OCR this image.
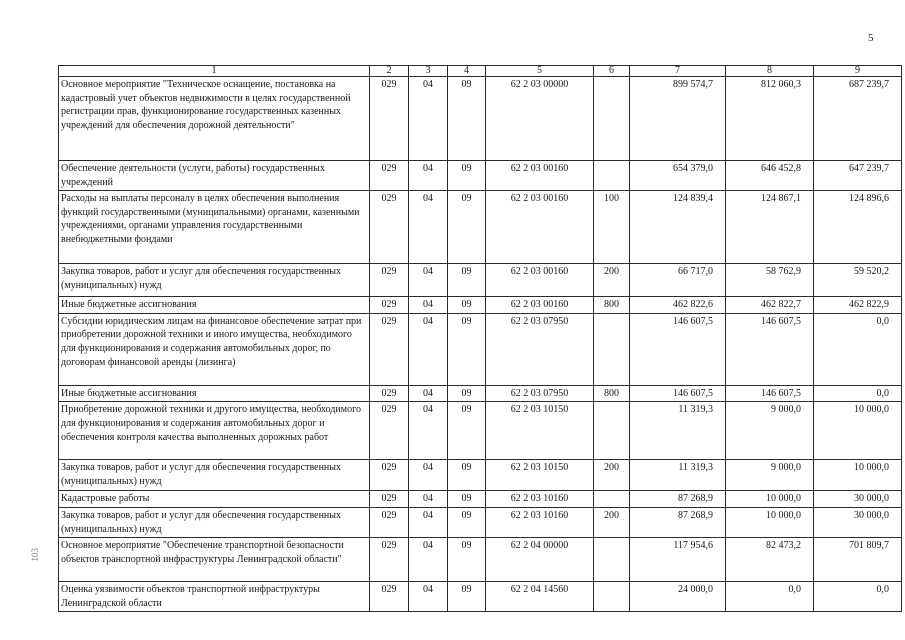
5
1	2	3	4	5	6	7	8	9
Основное мероприятие "Техническое оснащение, постановка на кадастровый учет объектов недвижимости в целях государственной регистрации прав, функционирование государственных казенных учреждений для обеспечения дорожной деятельности"	029	04	09	62 2 03 00000		899 574,7	812 060,3	687 239,7
Обеспечение деятельности (услуги, работы) государственных учреждений	029	04	09	62 2 03 00160		654 379,0	646 452,8	647 239,7
Расходы на выплаты персоналу в целях обеспечения выполнения функций государственными (муниципальными) органами, казенными учреждениями, органами управления государственными внебюджетными фондами	029	04	09	62 2 03 00160	100	124 839,4	124 867,1	124 896,6
Закупка товаров, работ и услуг для обеспечения государственных (муниципальных) нужд	029	04	09	62 2 03 00160	200	66 717,0	58 762,9	59 520,2
Иные бюджетные ассигнования	029	04	09	62 2 03 00160	800	462 822,6	462 822,7	462 822,9
Субсидии юридическим лицам на финансовое обеспечение затрат при приобретении дорожной техники и иного имущества, необходимого для функционирования и содержания автомобильных дорог, по договорам финансовой аренды (лизинга)	029	04	09	62 2 03 07950		146 607,5	146 607,5	0,0
Иные бюджетные ассигнования	029	04	09	62 2 03 07950	800	146 607,5	146 607,5	0,0
Приобретение дорожной техники и другого имущества, необходимого для функционирования и содержания автомобильных дорог и обеспечения контроля качества выполненных дорожных работ	029	04	09	62 2 03 10150		11 319,3	9 000,0	10 000,0
Закупка товаров, работ и услуг для обеспечения государственных (муниципальных) нужд	029	04	09	62 2 03 10150	200	11 319,3	9 000,0	10 000,0
Кадастровые работы	029	04	09	62 2 03 10160		87 268,9	10 000,0	30 000,0
Закупка товаров, работ и услуг для обеспечения государственных (муниципальных) нужд	029	04	09	62 2 03 10160	200	87 268,9	10 000,0	30 000,0
Основное мероприятие "Обеспечение транспортной безопасности объектов транспортной инфраструктуры Ленинградской области"	029	04	09	62 2 04 00000		117 954,6	82 473,2	701 809,7
Оценка уязвимости объектов транспортной инфраструктуры Ленинградской области	029	04	09	62 2 04 14560		24 000,0	0,0	0,0
103
